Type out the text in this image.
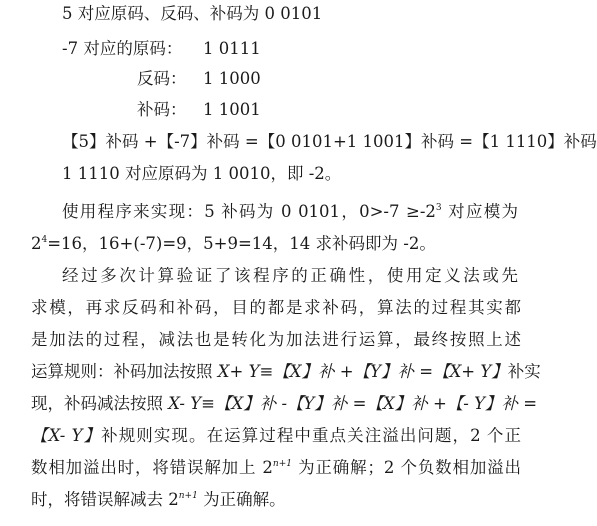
5 对应原码、反码、补码为 0 0101
-7 对应的原码： 1 0111
反码： 1 1000
补码： 1 1001
【5】补码 +【-7】补码 =【0 0101+1 1001】补码 =【1 1110】补码
1 1110 对应原码为 1 0010，即 -2。
使用程序来实现：5 补码为 0 0101，$0>-7 \ge-2^3$ 对应模为
$2^4=16$，16+(-7)=9，5+9=14，14 求补码即为 -2。
经过多次计算验证了该程序的正确性，使用定义法或先
求模，再求反码和补码，目的都是求补码，算法的过程其实都
是加法的过程，减法也是转化为加法进行运算，最终按照上述
运算规则：补码加法按照 X+ Y≡【X】补 +【Y】补 =【X+ Y】补实
现，补码减法按照 X- Y≡【X】补 -【Y】补 =【X】补 +【- Y】补 =
【X- Y】补规则实现。在运算过程中重点关注溢出问题，2 个正
数相加溢出时，将错误解加上 $2^{n+1}$ 为正确解；2 个负数相加溢出
时，将错误解减去 $2^{n+1}$ 为正确解。
